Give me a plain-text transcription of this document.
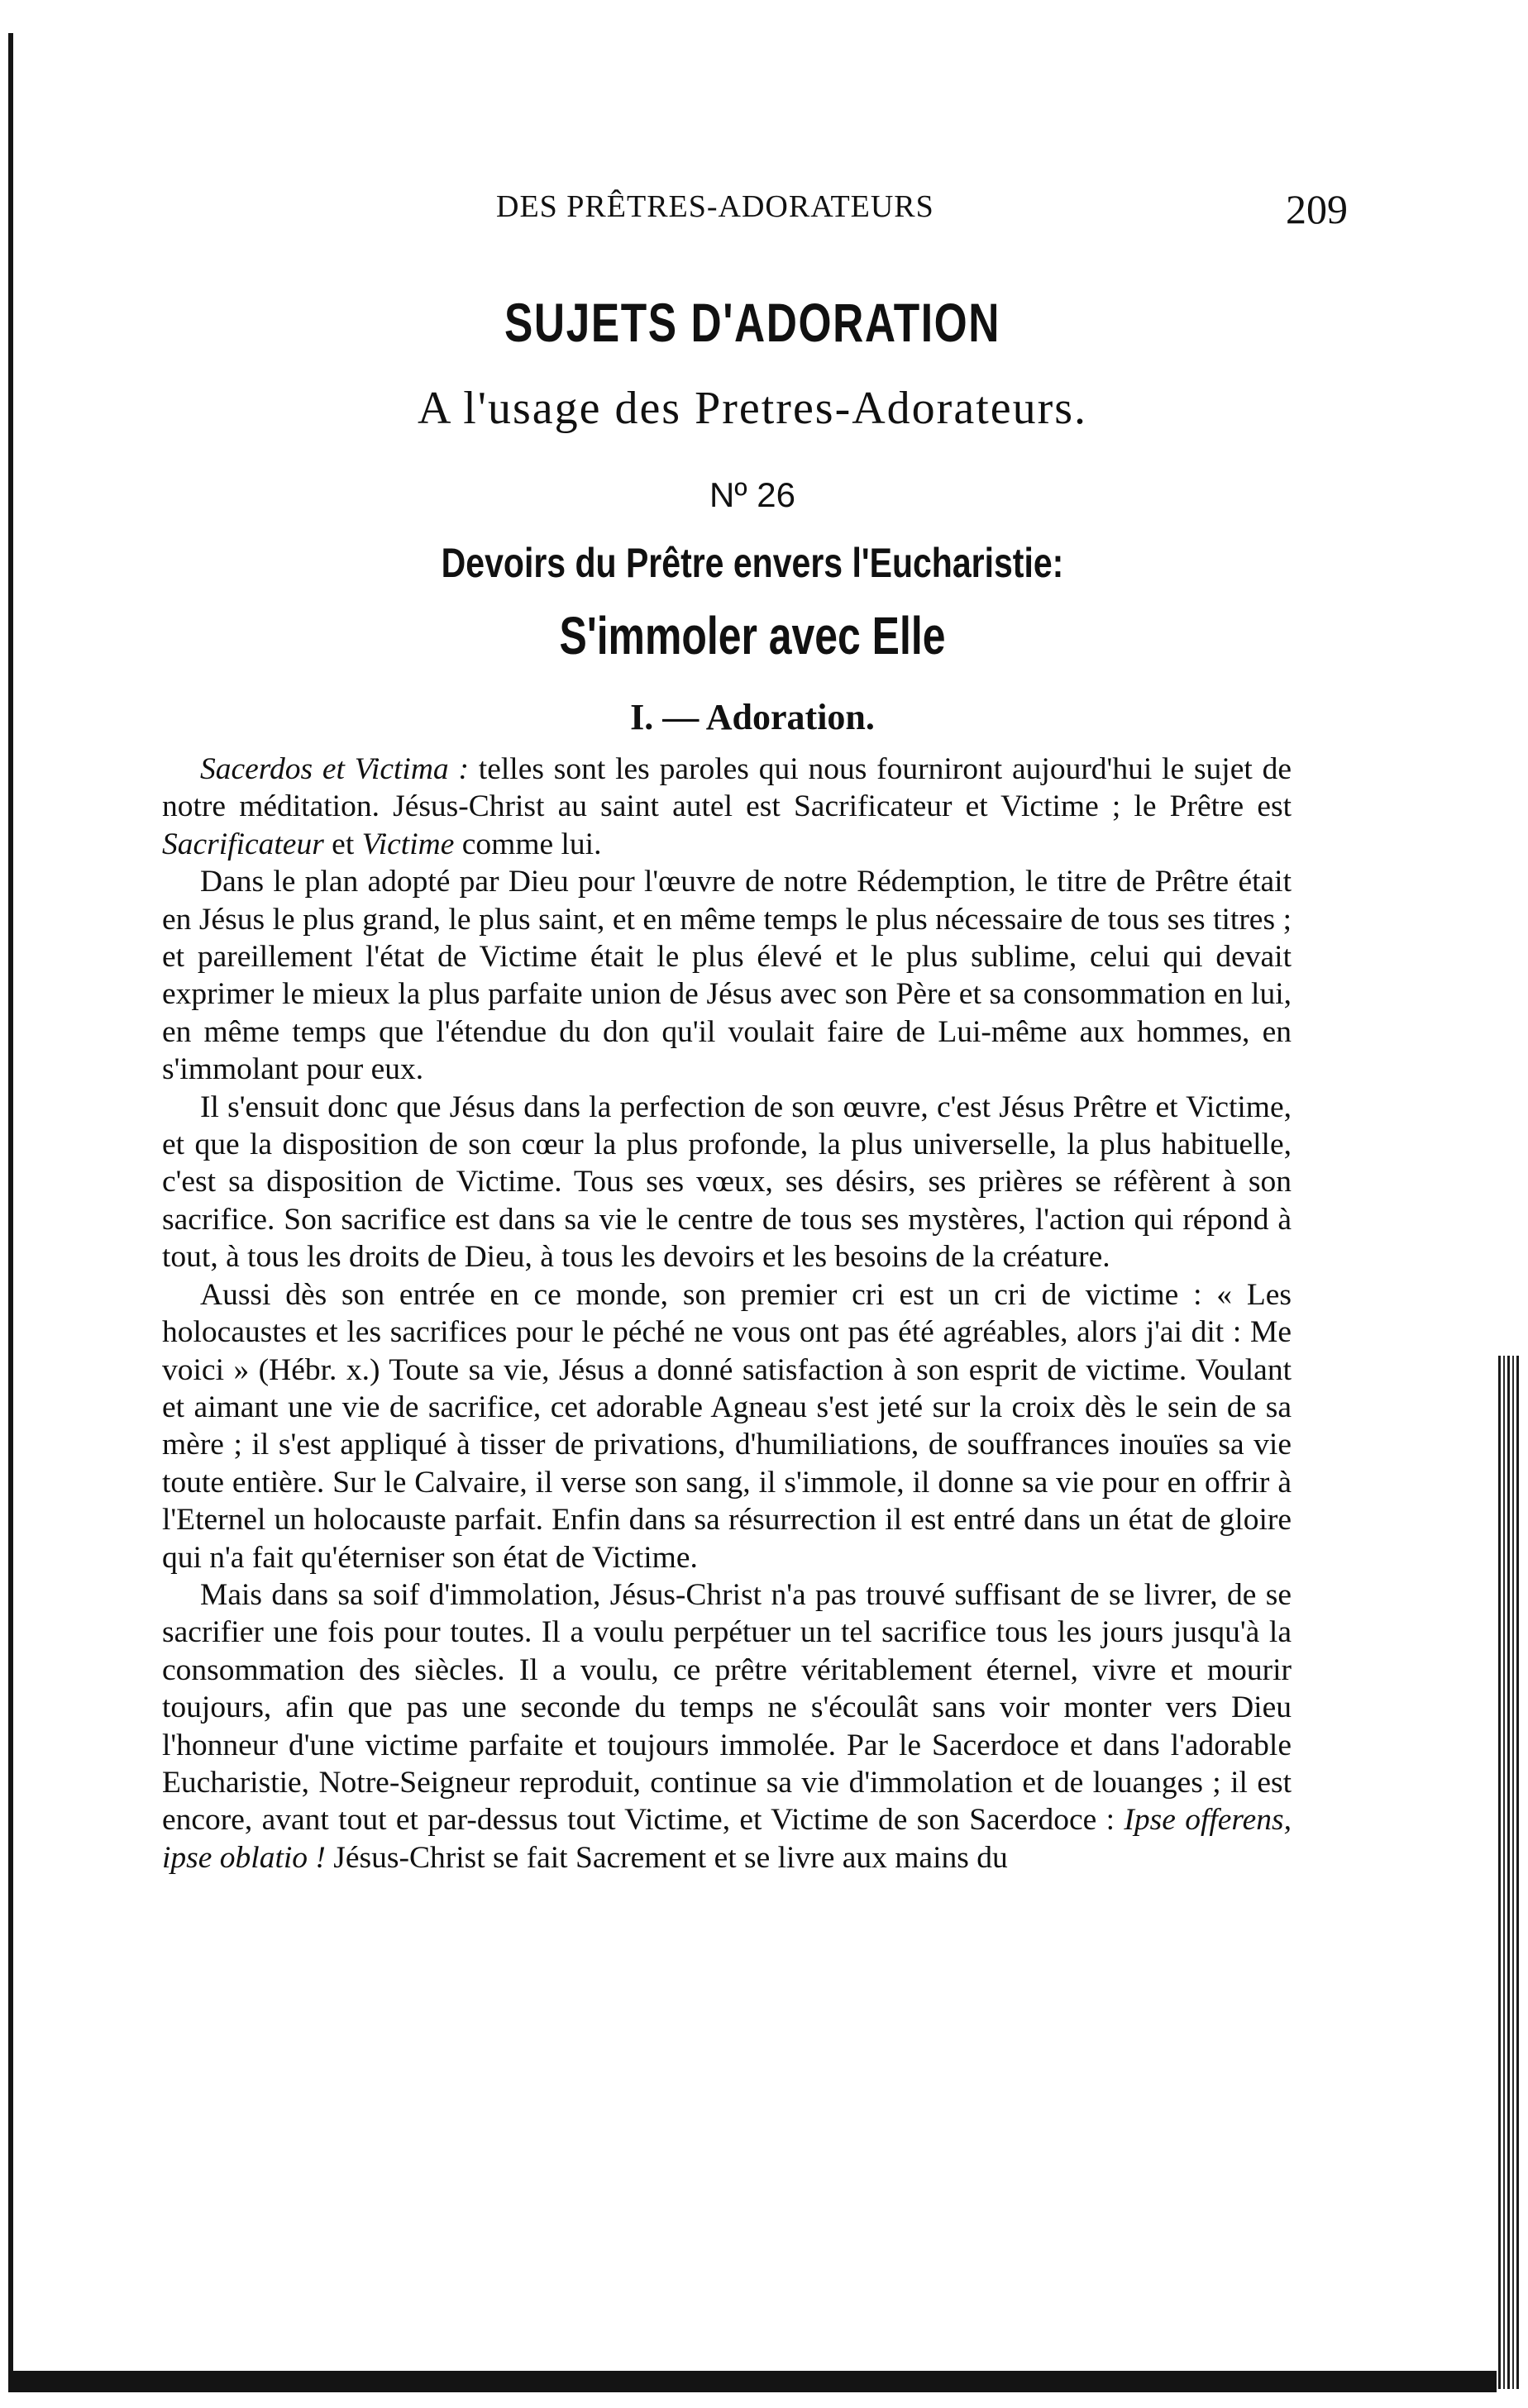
DES PRÊTRES-ADORATEURS	209
SUJETS D'ADORATION
A l'usage des Pretres-Adorateurs.
Nº 26
Devoirs du Prêtre envers l'Eucharistie:
S'immoler avec Elle
I. — Adoration.

Sacerdos et Victima : telles sont les paroles qui nous fourniront aujourd'hui le sujet de notre méditation. Jésus-Christ au saint autel est Sacrificateur et Victime ; le Prêtre est Sacrificateur et Victime comme lui.

Dans le plan adopté par Dieu pour l'œuvre de notre Rédemption, le titre de Prêtre était en Jésus le plus grand, le plus saint, et en même temps le plus nécessaire de tous ses titres ; et pareillement l'état de Victime était le plus élevé et le plus sublime, celui qui devait exprimer le mieux la plus parfaite union de Jésus avec son Père et sa consommation en lui, en même temps que l'étendue du don qu'il voulait faire de Lui-même aux hommes, en s'immolant pour eux.

Il s'ensuit donc que Jésus dans la perfection de son œuvre, c'est Jésus Prêtre et Victime, et que la disposition de son cœur la plus profonde, la plus universelle, la plus habituelle, c'est sa disposition de Victime. Tous ses vœux, ses désirs, ses prières se réfèrent à son sacrifice. Son sacrifice est dans sa vie le centre de tous ses mystères, l'action qui répond à tout, à tous les droits de Dieu, à tous les devoirs et les besoins de la créature.

Aussi dès son entrée en ce monde, son premier cri est un cri de victime : « Les holocaustes et les sacrifices pour le péché ne vous ont pas été agréables, alors j'ai dit : Me voici » (Hébr. x.) Toute sa vie, Jésus a donné satisfaction à son esprit de victime. Voulant et aimant une vie de sacrifice, cet adorable Agneau s'est jeté sur la croix dès le sein de sa mère ; il s'est appliqué à tisser de privations, d'humiliations, de souffrances inouïes sa vie toute entière. Sur le Calvaire, il verse son sang, il s'immole, il donne sa vie pour en offrir à l'Eternel un holocauste parfait. Enfin dans sa résurrection il est entré dans un état de gloire qui n'a fait qu'éterniser son état de Victime.

Mais dans sa soif d'immolation, Jésus-Christ n'a pas trouvé suffisant de se livrer, de se sacrifier une fois pour toutes. Il a voulu perpétuer un tel sacrifice tous les jours jusqu'à la consommation des siècles. Il a voulu, ce prêtre véritablement éternel, vivre et mourir toujours, afin que pas une seconde du temps ne s'écoulât sans voir monter vers Dieu l'honneur d'une victime parfaite et toujours immolée. Par le Sacerdoce et dans l'adorable Eucharistie, Notre-Seigneur reproduit, continue sa vie d'immolation et de louanges ; il est encore, avant tout et par-dessus tout Victime, et Victime de son Sacerdoce : Ipse offerens, ipse oblatio ! Jésus-Christ se fait Sacrement et se livre aux mains du
